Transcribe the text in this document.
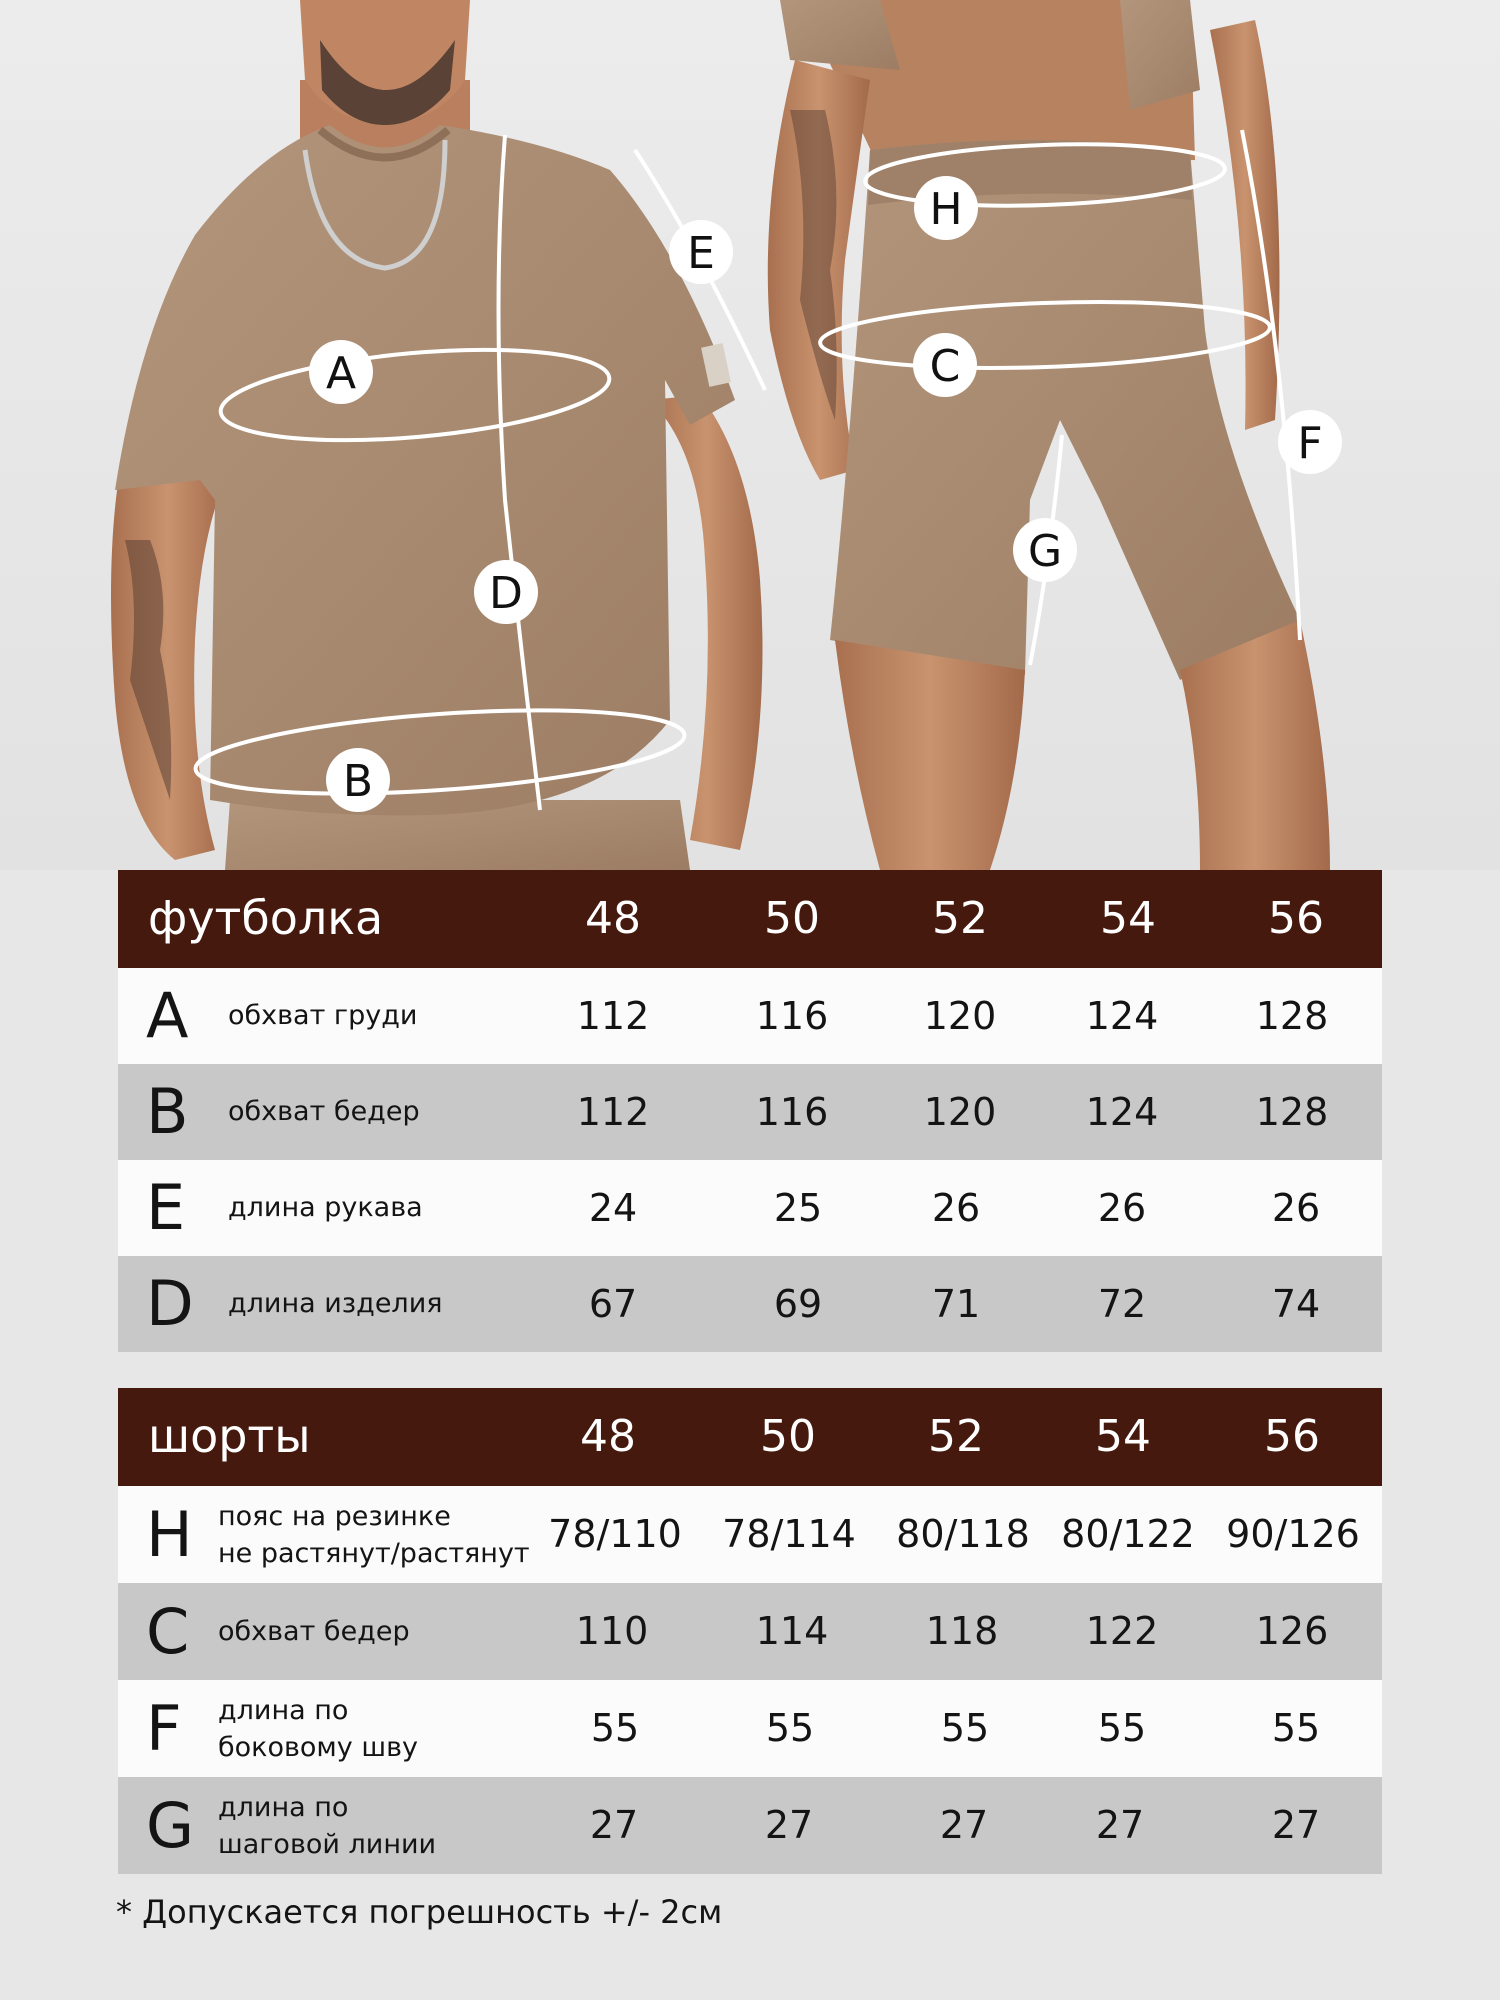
A
B
D
E
H
C
F
G
футболка	48	50	52	54	56
A обхват груди	112	116	120	124	128
B обхват бедер	112	116	120	124	128
E длина рукава	24	25	26	26	26
D длина изделия	67	69	71	72	74
шорты	48	50	52	54	56
H пояс на резинке
не растянут/растянут 78/110	78/114	80/118 80/122 90/126
C обхват бедер	110	114	118	122	126
F длина по
боковому шву	55	55	55	55	55
G длина по
шаговой линии	27	27	27	27	27
* Допускается погрешность +/- 2см
